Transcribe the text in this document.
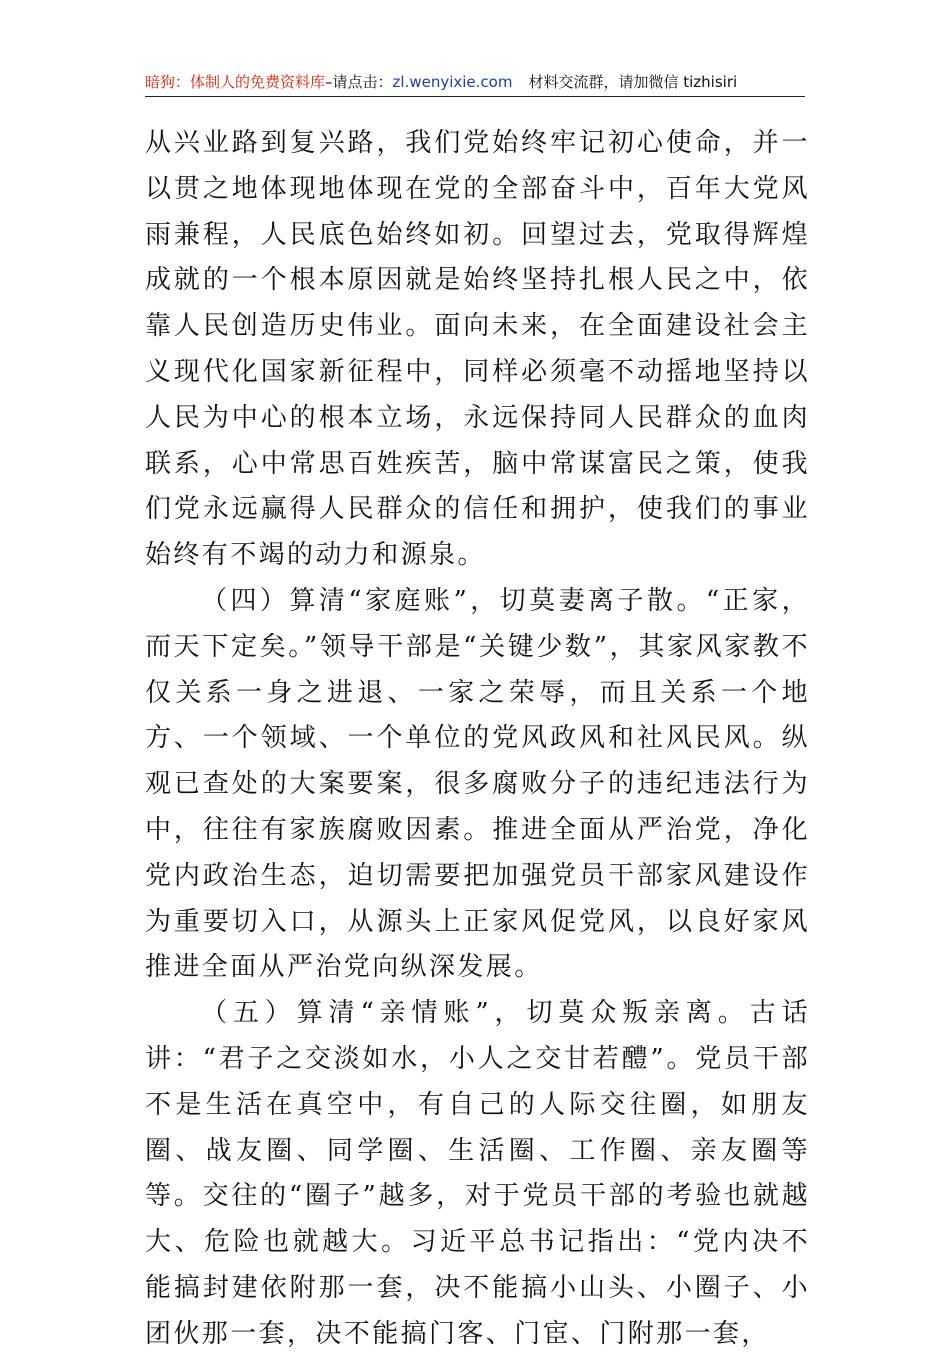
暗狗：体制人的免费资料库–请点击：zl.wenyixie.com 材料交流群，请加微信 tizhisiri

从兴业路到复兴路，我们党始终牢记初心使命，并一以贯之地体现地体现在党的全部奋斗中，百年大党风雨兼程，人民底色始终如初。回望过去，党取得辉煌成就的一个根本原因就是始终坚持扎根人民之中，依靠人民创造历史伟业。面向未来，在全面建设社会主义现代化国家新征程中，同样必须毫不动摇地坚持以人民为中心的根本立场，永远保持同人民群众的血肉联系，心中常思百姓疾苦，脑中常谋富民之策，使我们党永远赢得人民群众的信任和拥护，使我们的事业始终有不竭的动力和源泉。

（四）算清“家庭账”，切莫妻离子散。“正家，而天下定矣。”领导干部是“关键少数”，其家风家教不仅关系一身之进退、一家之荣辱，而且关系一个地方、一个领域、一个单位的党风政风和社风民风。纵观已查处的大案要案，很多腐败分子的违纪违法行为中，往往有家族腐败因素。推进全面从严治党，净化党内政治生态，迫切需要把加强党员干部家风建设作为重要切入口，从源头上正家风促党风，以良好家风推进全面从严治党向纵深发展。

（五）算清“亲情账”，切莫众叛亲离。古话讲：“君子之交淡如水，小人之交甘若醴”。党员干部不是生活在真空中，有自己的人际交往圈，如朋友圈、战友圈、同学圈、生活圈、工作圈、亲友圈等等。交往的“圈子”越多，对于党员干部的考验也就越大、危险也就越大。习近平总书记指出：“党内决不能搞封建依附那一套，决不能搞小山头、小圈子、小团伙那一套，决不能搞门客、门宦、门附那一套，
